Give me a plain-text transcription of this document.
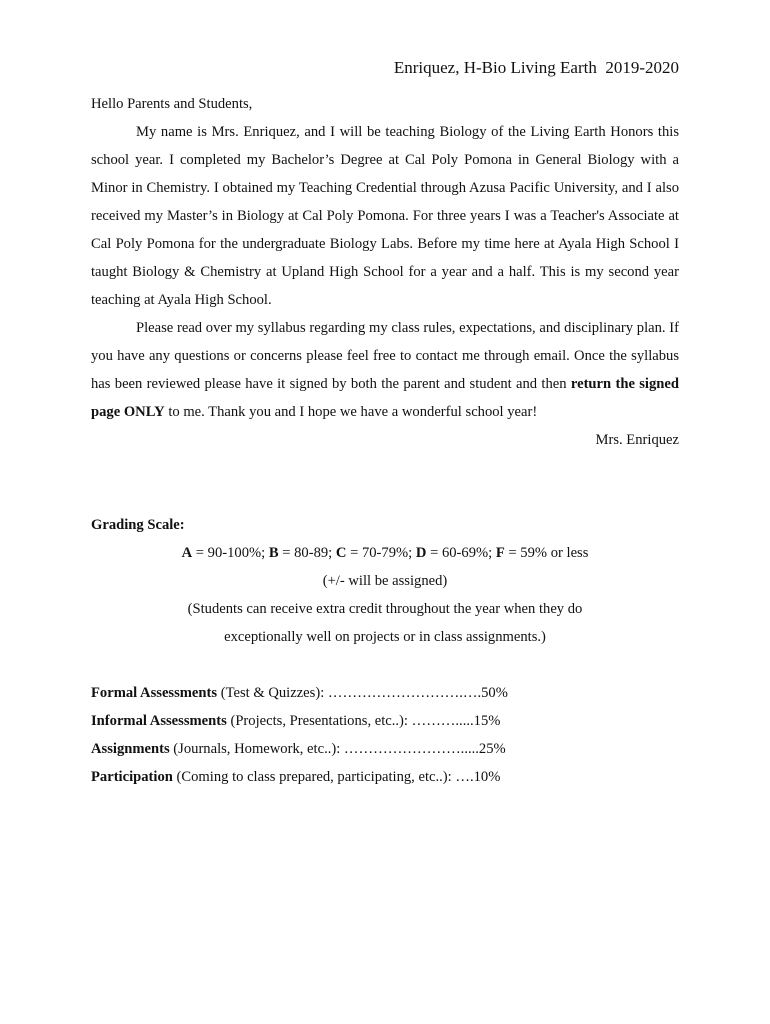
Enriquez, H-Bio Living Earth  2019-2020

Hello Parents and Students,

My name is Mrs. Enriquez, and I will be teaching Biology of the Living Earth Honors this school year. I completed my Bachelor’s Degree at Cal Poly Pomona in General Biology with a Minor in Chemistry. I obtained my Teaching Credential through Azusa Pacific University, and I also received my Master’s in Biology at Cal Poly Pomona. For three years I was a Teacher's Associate at Cal Poly Pomona for the undergraduate Biology Labs. Before my time here at Ayala High School I taught Biology & Chemistry at Upland High School for a year and a half. This is my second year teaching at Ayala High School.

Please read over my syllabus regarding my class rules, expectations, and disciplinary plan. If you have any questions or concerns please feel free to contact me through email. Once the syllabus has been reviewed please have it signed by both the parent and student and then return the signed page ONLY to me. Thank you and I hope we have a wonderful school year!

Mrs. Enriquez

Grading Scale:
A = 90-100%; B = 80-89; C = 70-79%; D = 60-69%; F = 59% or less
(+/- will be assigned)
(Students can receive extra credit throughout the year when they do
exceptionally well on projects or in class assignments.)
Formal Assessments (Test & Quizzes): ……………………….….50%
Informal Assessments (Projects, Presentations, etc..): ……….....15%
Assignments (Journals, Homework, etc..): …………………….....25%
Participation (Coming to class prepared, participating, etc..): ….10%
